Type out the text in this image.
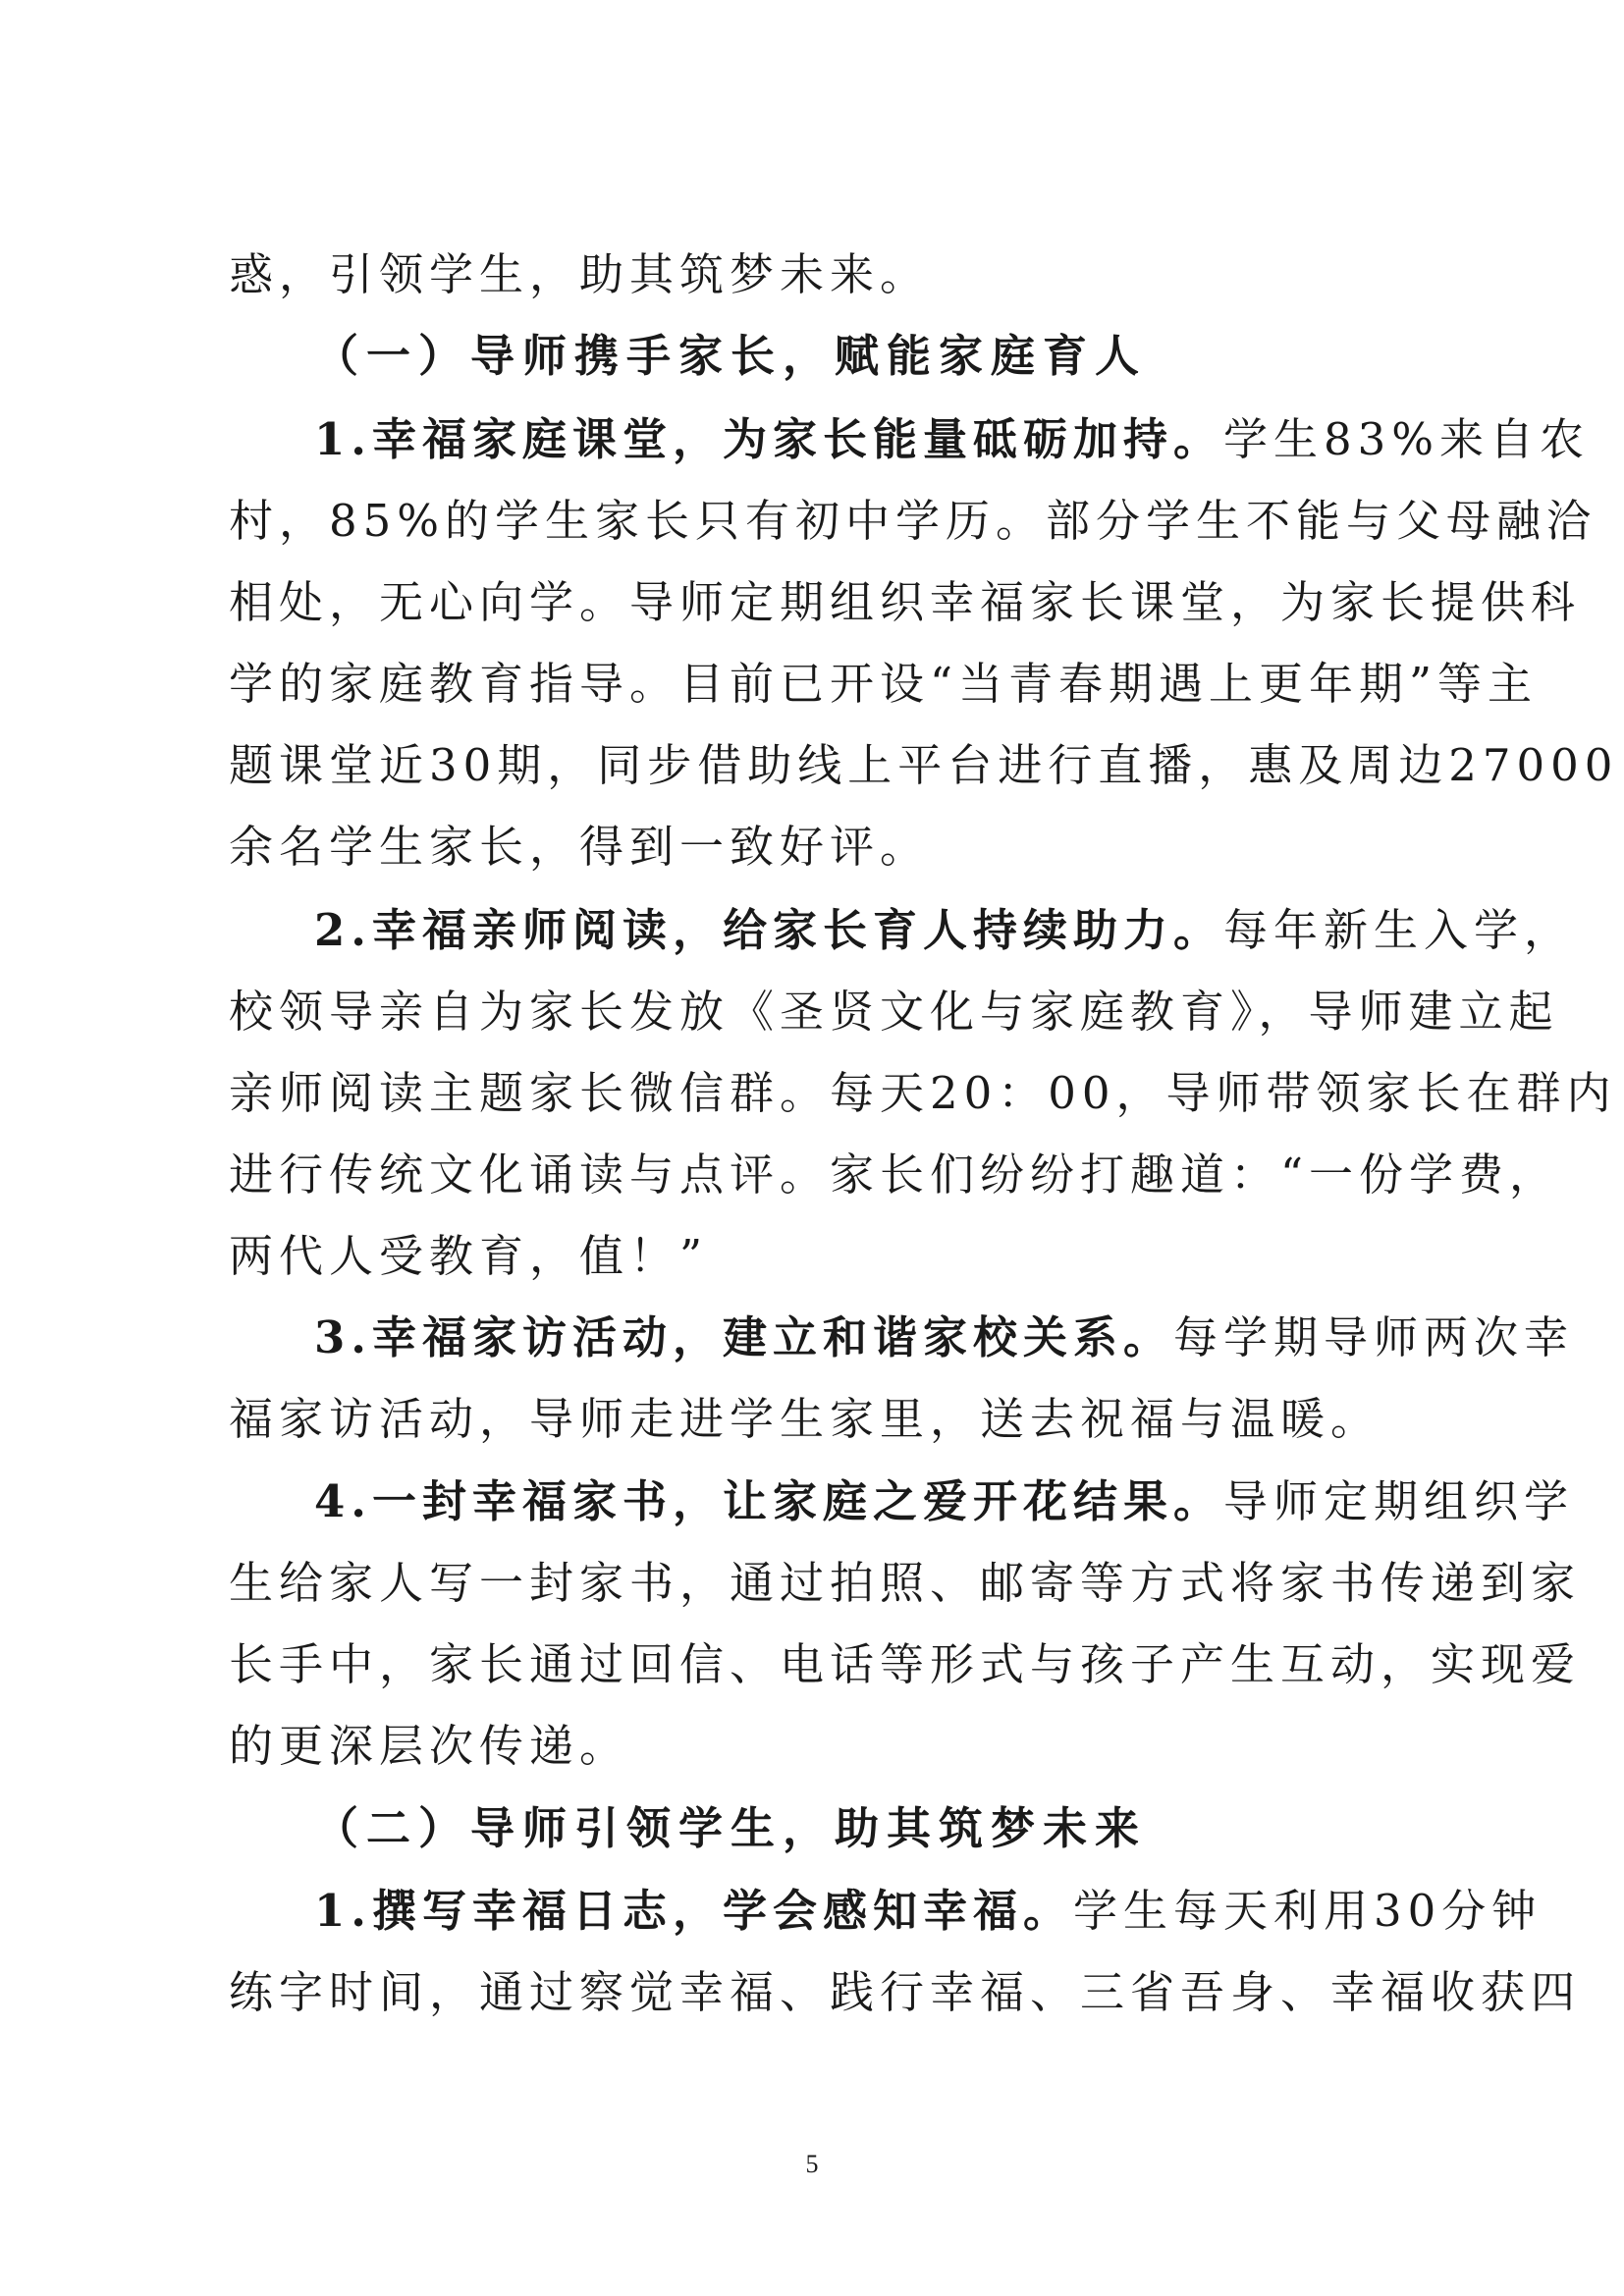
惑，引领学生，助其筑梦未来。
（一）导师携手家长，赋能家庭育人
1.幸福家庭课堂，为家长能量砥砺加持。学生83%来自农
村，85%的学生家长只有初中学历。部分学生不能与父母融洽
相处，无心向学。导师定期组织幸福家长课堂，为家长提供科
学的家庭教育指导。目前已开设“当青春期遇上更年期”等主
题课堂近30期，同步借助线上平台进行直播，惠及周边27000
余名学生家长，得到一致好评。
2.幸福亲师阅读，给家长育人持续助力。每年新生入学，
校领导亲自为家长发放《圣贤文化与家庭教育》，导师建立起
亲师阅读主题家长微信群。每天20：00，导师带领家长在群内
进行传统文化诵读与点评。家长们纷纷打趣道：“一份学费，
两代人受教育，值！”
3.幸福家访活动，建立和谐家校关系。每学期导师两次幸
福家访活动，导师走进学生家里，送去祝福与温暖。
4.一封幸福家书，让家庭之爱开花结果。导师定期组织学
生给家人写一封家书，通过拍照、邮寄等方式将家书传递到家
长手中，家长通过回信、电话等形式与孩子产生互动，实现爱
的更深层次传递。
（二）导师引领学生，助其筑梦未来
1.撰写幸福日志，学会感知幸福。学生每天利用30分钟
练字时间，通过察觉幸福、践行幸福、三省吾身、幸福收获四
5
